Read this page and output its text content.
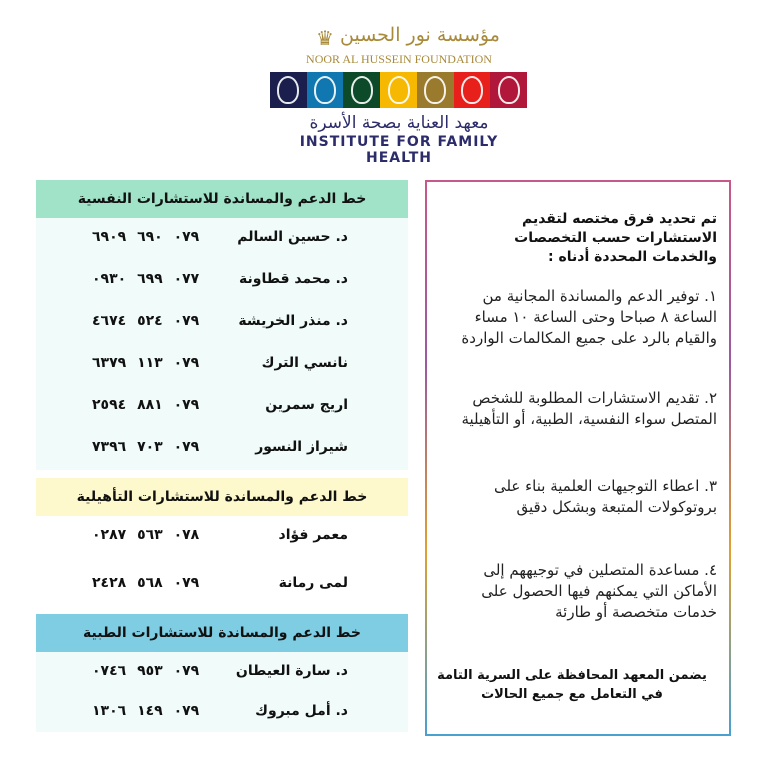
♛ مؤسسة نور الحسين
NOOR AL HUSSEIN FOUNDATION
معهد العناية بصحة الأسرة
INSTITUTE FOR FAMILY HEALTH
خط الدعم والمساندة للاستشارات النفسية
د. حسين السالم
٠٧٩ ٦٩٠ ٦٩٠٩
د. محمد قطاونة
٠٧٧ ٦٩٩ ٠٩٣٠
د. منذر الخريشة
٠٧٩ ٥٢٤ ٤٦٧٤
نانسي الترك
٠٧٩ ١١٣ ٦٣٧٩
اريج سمرين
٠٧٩ ٨٨١ ٢٥٩٤
شيراز النسور
٠٧٩ ٧٠٣ ٧٣٩٦
خط الدعم والمساندة للاستشارات التأهيلية
معمر فؤاد
٠٧٨ ٥٦٣ ٠٢٨٧
لمى رمانة
٠٧٩ ٥٦٨ ٢٤٢٨
خط الدعم والمساندة للاستشارات الطبية
د. سارة العيطان
٠٧٩ ٩٥٣ ٠٧٤٦
د. أمل مبروك
٠٧٩ ١٤٩ ١٣٠٦
تم تحديد فرق مختصه لتقديم الاستشارات حسب التخصصات والخدمات المحددة أدناه :
١. توفير الدعم والمساندة المجانية من الساعة ٨ صباحا وحتى الساعة ١٠ مساء والقيام بالرد على جميع المكالمات الواردة
٢. تقديم الاستشارات المطلوبة للشخص المتصل سواء النفسية، الطبية، أو التأهيلية
٣. اعطاء التوجيهات العلمية بناء على بروتوكولات المتبعة وبشكل دقيق
٤. مساعدة المتصلين في توجيههم إلى الأماكن التي يمكنهم فيها الحصول على خدمات متخصصة أو طارئة
يضمن المعهد المحافظة على السرية التامة في التعامل مع جميع الحالات
